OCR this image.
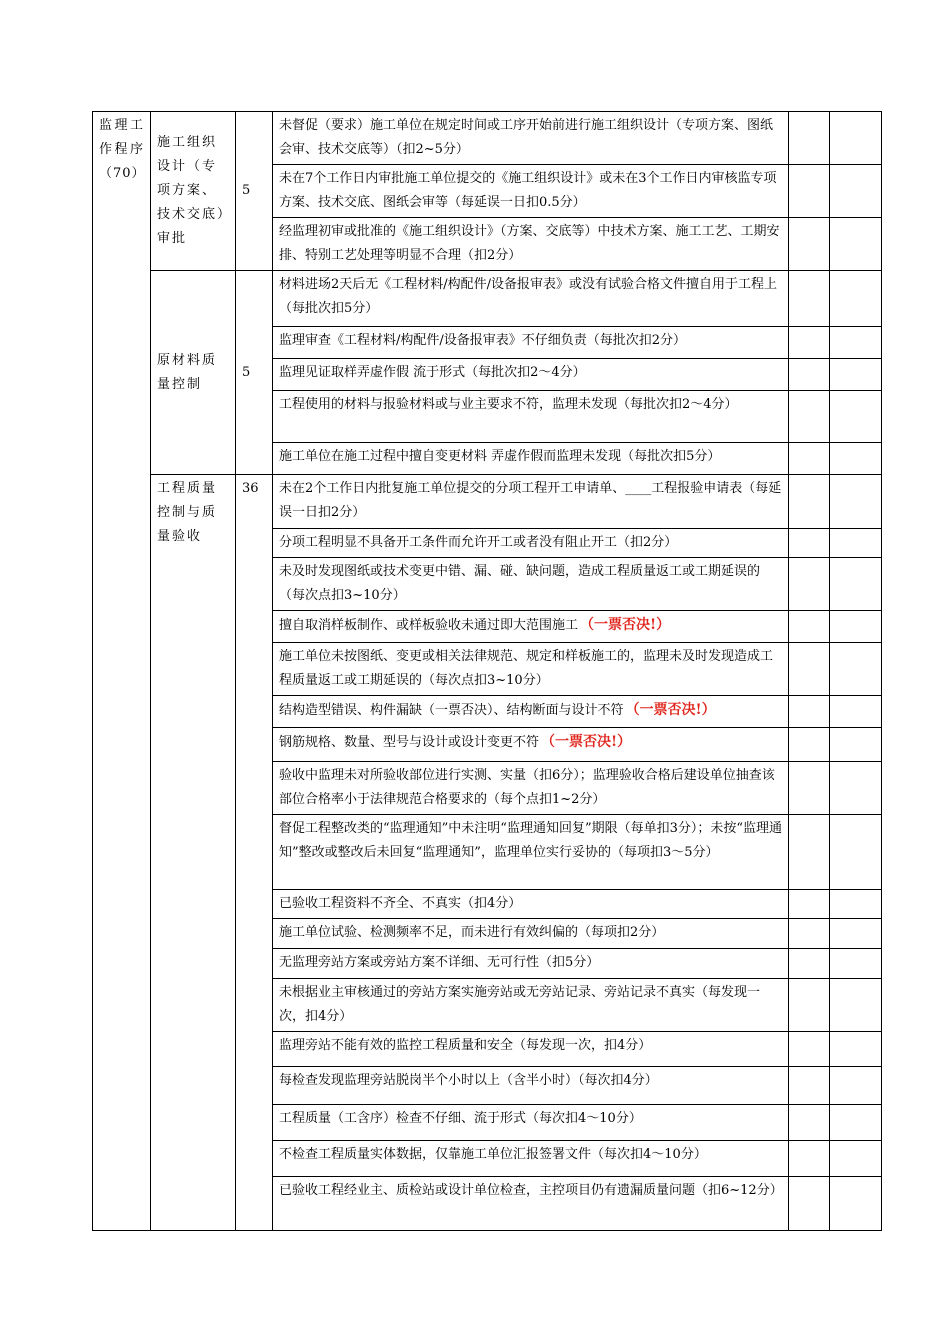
监理工作程序（70）	施工组织设计（专项方案、技术交底）审批	5	未督促（要求）施工单位在规定时间或工序开始前进行施工组织设计（专项方案、图纸会审、技术交底等）（扣2~5分）		
			未在7个工作日内审批施工单位提交的《施工组织设计》或未在3个工作日内审核监专项方案、技术交底、图纸会审等（每延误一日扣0.5分）		
			经监理初审或批准的《施工组织设计》（方案、交底等）中技术方案、施工工艺、工期安排、特别工艺处理等明显不合理（扣2分）		
	原材料质量控制	5	材料进场2天后无《工程材料/构配件/设备报审表》或没有试验合格文件擅自用于工程上（每批次扣5分）		
			监理审查《工程材料/构配件/设备报审表》不仔细负责（每批次扣2分）		
			监理见证取样弄虚作假 流于形式（每批次扣2～4分）		
			工程使用的材料与报验材料或与业主要求不符，监理未发现（每批次扣2～4分）		
			施工单位在施工过程中擅自变更材料 弄虚作假而监理未发现（每批次扣5分）		
	工程质量控制与质量验收	36	未在2个工作日内批复施工单位提交的分项工程开工申请单、____工程报验申请表（每延误一日扣2分）		
			分项工程明显不具备开工条件而允许开工或者没有阻止开工（扣2分）		
			未及时发现图纸或技术变更中错、漏、碰、缺问题，造成工程质量返工或工期延误的（每次点扣3~10分）		
			擅自取消样板制作、或样板验收未通过即大范围施工 （一票否决!）		
			施工单位未按图纸、变更或相关法律规范、规定和样板施工的，监理未及时发现造成工程质量返工或工期延误的（每次点扣3~10分）		
			结构造型错误、构件漏缺（一票否决）、结构断面与设计不符 （一票否决!）		
			钢筋规格、数量、型号与设计或设计变更不符 （一票否决!）		
			验收中监理未对所验收部位进行实测、实量（扣6分）；监理验收合格后建设单位抽查该部位合格率小于法律规范合格要求的（每个点扣1~2分）		
			督促工程整改类的“监理通知”中未注明“监理通知回复”期限（每单扣3分）；未按“监理通知”整改或整改后未回复“监理通知”，监理单位实行妥协的（每项扣3～5分）		
			已验收工程资料不齐全、不真实（扣4分）		
			施工单位试验、检测频率不足，而未进行有效纠偏的（每项扣2分）		
			无监理旁站方案或旁站方案不详细、无可行性（扣5分）		
			未根据业主审核通过的旁站方案实施旁站或无旁站记录、旁站记录不真实（每发现一次，扣4分）		
			监理旁站不能有效的监控工程质量和安全（每发现一次，扣4分）		
			每检查发现监理旁站脱岗半个小时以上（含半小时）（每次扣4分）		
			工程质量（工含序）检查不仔细、流于形式（每次扣4～10分）		
			不检查工程质量实体数据，仅靠施工单位汇报签署文件（每次扣4～10分）		
			已验收工程经业主、质检站或设计单位检查，主控项目仍有遗漏质量问题（扣6~12分）		
